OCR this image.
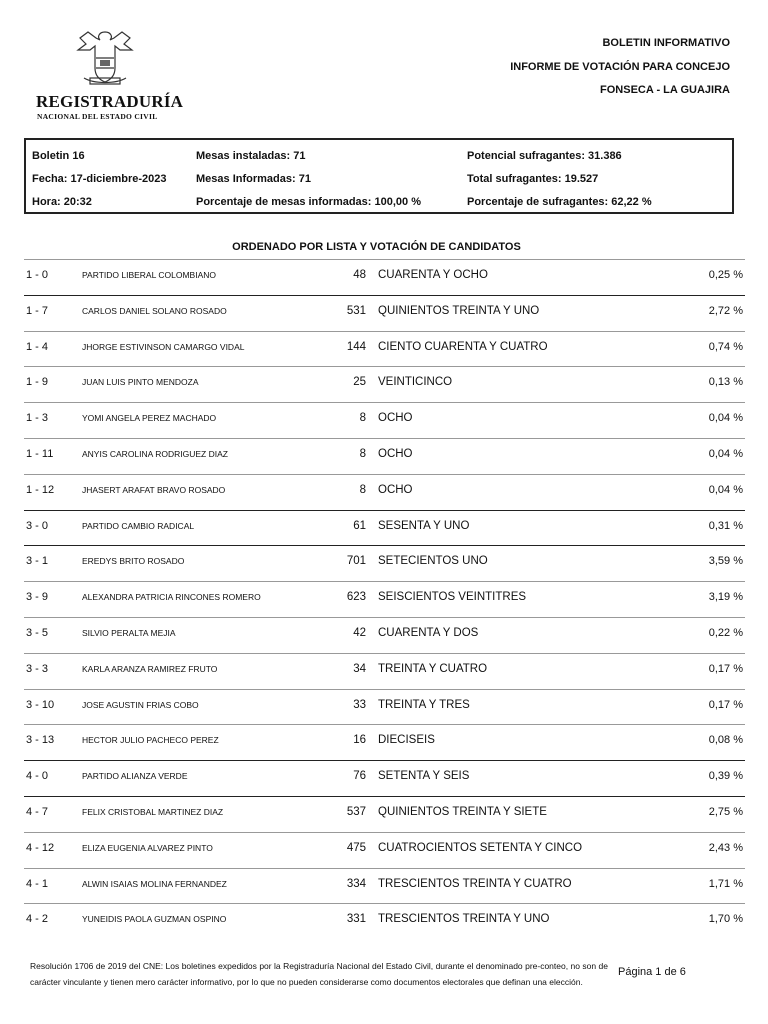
REGISTRADURÍA
NACIONAL DEL ESTADO CIVIL
BOLETIN INFORMATIVO
INFORME DE VOTACIÓN PARA CONCEJO
FONSECA - LA GUAJIRA
Boletin 16
Fecha: 17-diciembre-2023
Hora: 20:32
Mesas instaladas: 71
Mesas Informadas: 71
Porcentaje de mesas informadas: 100,00 %
Potencial sufragantes: 31.386
Total sufragantes: 19.527
Porcentaje de sufragantes: 62,22 %
ORDENADO POR LISTA Y VOTACIÓN DE CANDIDATOS
1 - 0	PARTIDO LIBERAL COLOMBIANO	48 CUARENTA Y OCHO	0,25 %
1 - 7	CARLOS DANIEL SOLANO ROSADO	531 QUINIENTOS TREINTA Y UNO	2,72 %
1 - 4	JHORGE ESTIVINSON CAMARGO VIDAL	144 CIENTO CUARENTA Y CUATRO	0,74 %
1 - 9	JUAN LUIS PINTO MENDOZA	25 VEINTICINCO	0,13 %
1 - 3	YOMI ANGELA PEREZ MACHADO	8 OCHO	0,04 %
1 - 11	ANYIS CAROLINA RODRIGUEZ DIAZ	8 OCHO	0,04 %
1 - 12	JHASERT ARAFAT BRAVO ROSADO	8 OCHO	0,04 %
3 - 0	PARTIDO CAMBIO RADICAL	61 SESENTA Y UNO	0,31 %
3 - 1	EREDYS BRITO ROSADO	701 SETECIENTOS UNO	3,59 %
3 - 9	ALEXANDRA PATRICIA RINCONES ROMERO	623 SEISCIENTOS VEINTITRES	3,19 %
3 - 5	SILVIO PERALTA MEJIA	42 CUARENTA Y DOS	0,22 %
3 - 3	KARLA ARANZA RAMIREZ FRUTO	34 TREINTA Y CUATRO	0,17 %
3 - 10	JOSE AGUSTIN FRIAS COBO	33 TREINTA Y TRES	0,17 %
3 - 13	HECTOR JULIO PACHECO PEREZ	16 DIECISEIS	0,08 %
4 - 0	PARTIDO ALIANZA VERDE	76 SETENTA Y SEIS	0,39 %
4 - 7	FELIX CRISTOBAL MARTINEZ DIAZ	537 QUINIENTOS TREINTA Y SIETE	2,75 %
4 - 12	ELIZA EUGENIA ALVAREZ PINTO	475 CUATROCIENTOS SETENTA Y CINCO	2,43 %
4 - 1	ALWIN ISAIAS MOLINA FERNANDEZ	334 TRESCIENTOS TREINTA Y CUATRO	1,71 %
4 - 2	YUNEIDIS PAOLA GUZMAN OSPINO	331 TRESCIENTOS TREINTA Y UNO	1,70 %
Resolución 1706 de 2019 del CNE: Los boletines expedidos por la Registraduría Nacional del Estado Civil, durante el denominado pre-conteo, no son de carácter vinculante y tienen mero carácter informativo, por lo que no pueden considerarse como documentos electorales que definan una elección.
Página 1 de 6
